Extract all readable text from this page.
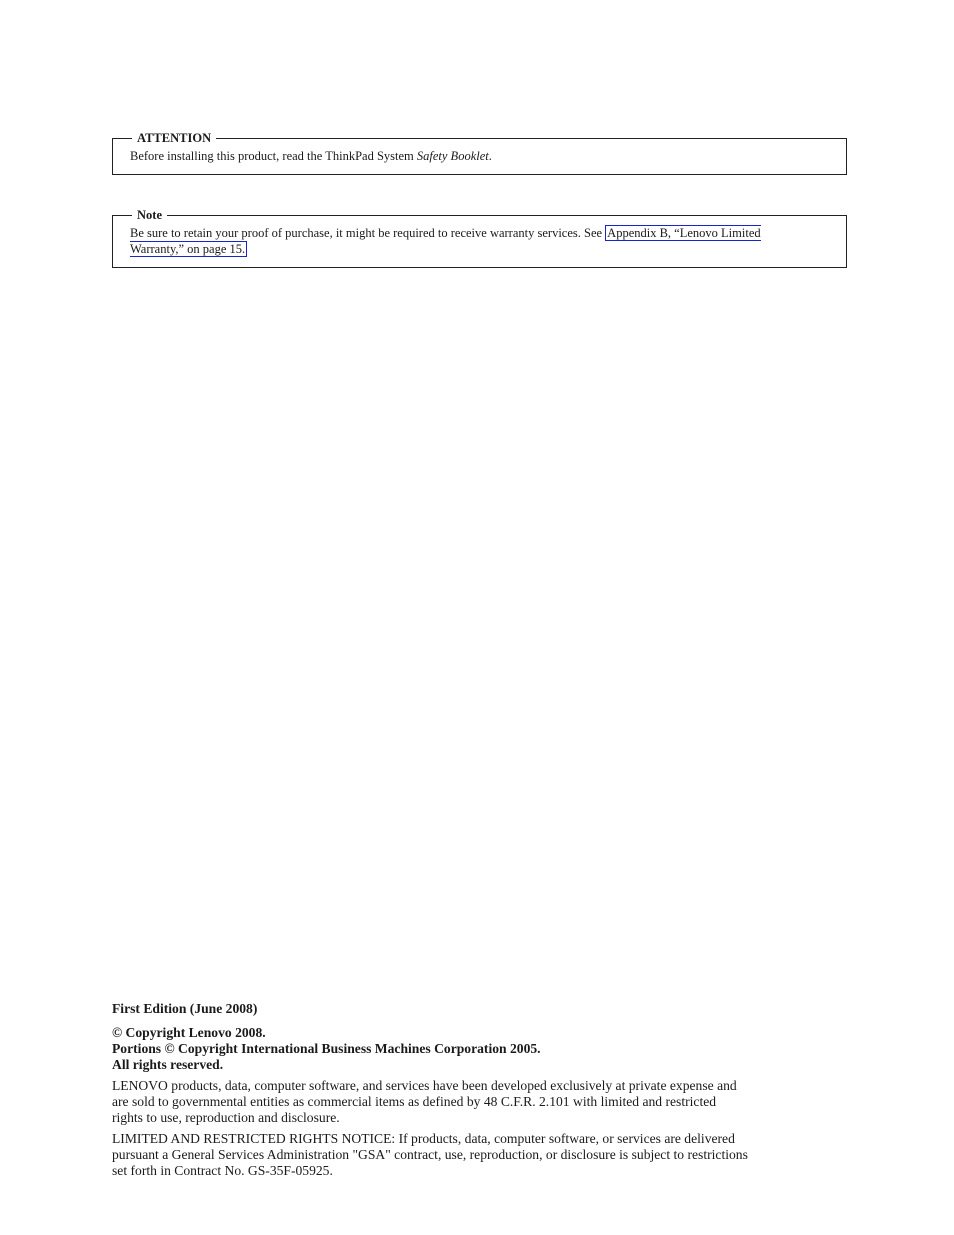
ATTENTION
Before installing this product, read the ThinkPad System Safety Booklet.
Note
Be sure to retain your proof of purchase, it might be required to receive warranty services. See Appendix B, “Lenovo Limited Warranty,” on page 15.
First Edition (June 2008)
© Copyright Lenovo 2008.
Portions © Copyright International Business Machines Corporation 2005.
All rights reserved.
LENOVO products, data, computer software, and services have been developed exclusively at private expense and
are sold to governmental entities as commercial items as defined by 48 C.F.R. 2.101 with limited and restricted
rights to use, reproduction and disclosure.
LIMITED AND RESTRICTED RIGHTS NOTICE: If products, data, computer software, or services are delivered
pursuant a General Services Administration "GSA" contract, use, reproduction, or disclosure is subject to restrictions
set forth in Contract No. GS-35F-05925.
